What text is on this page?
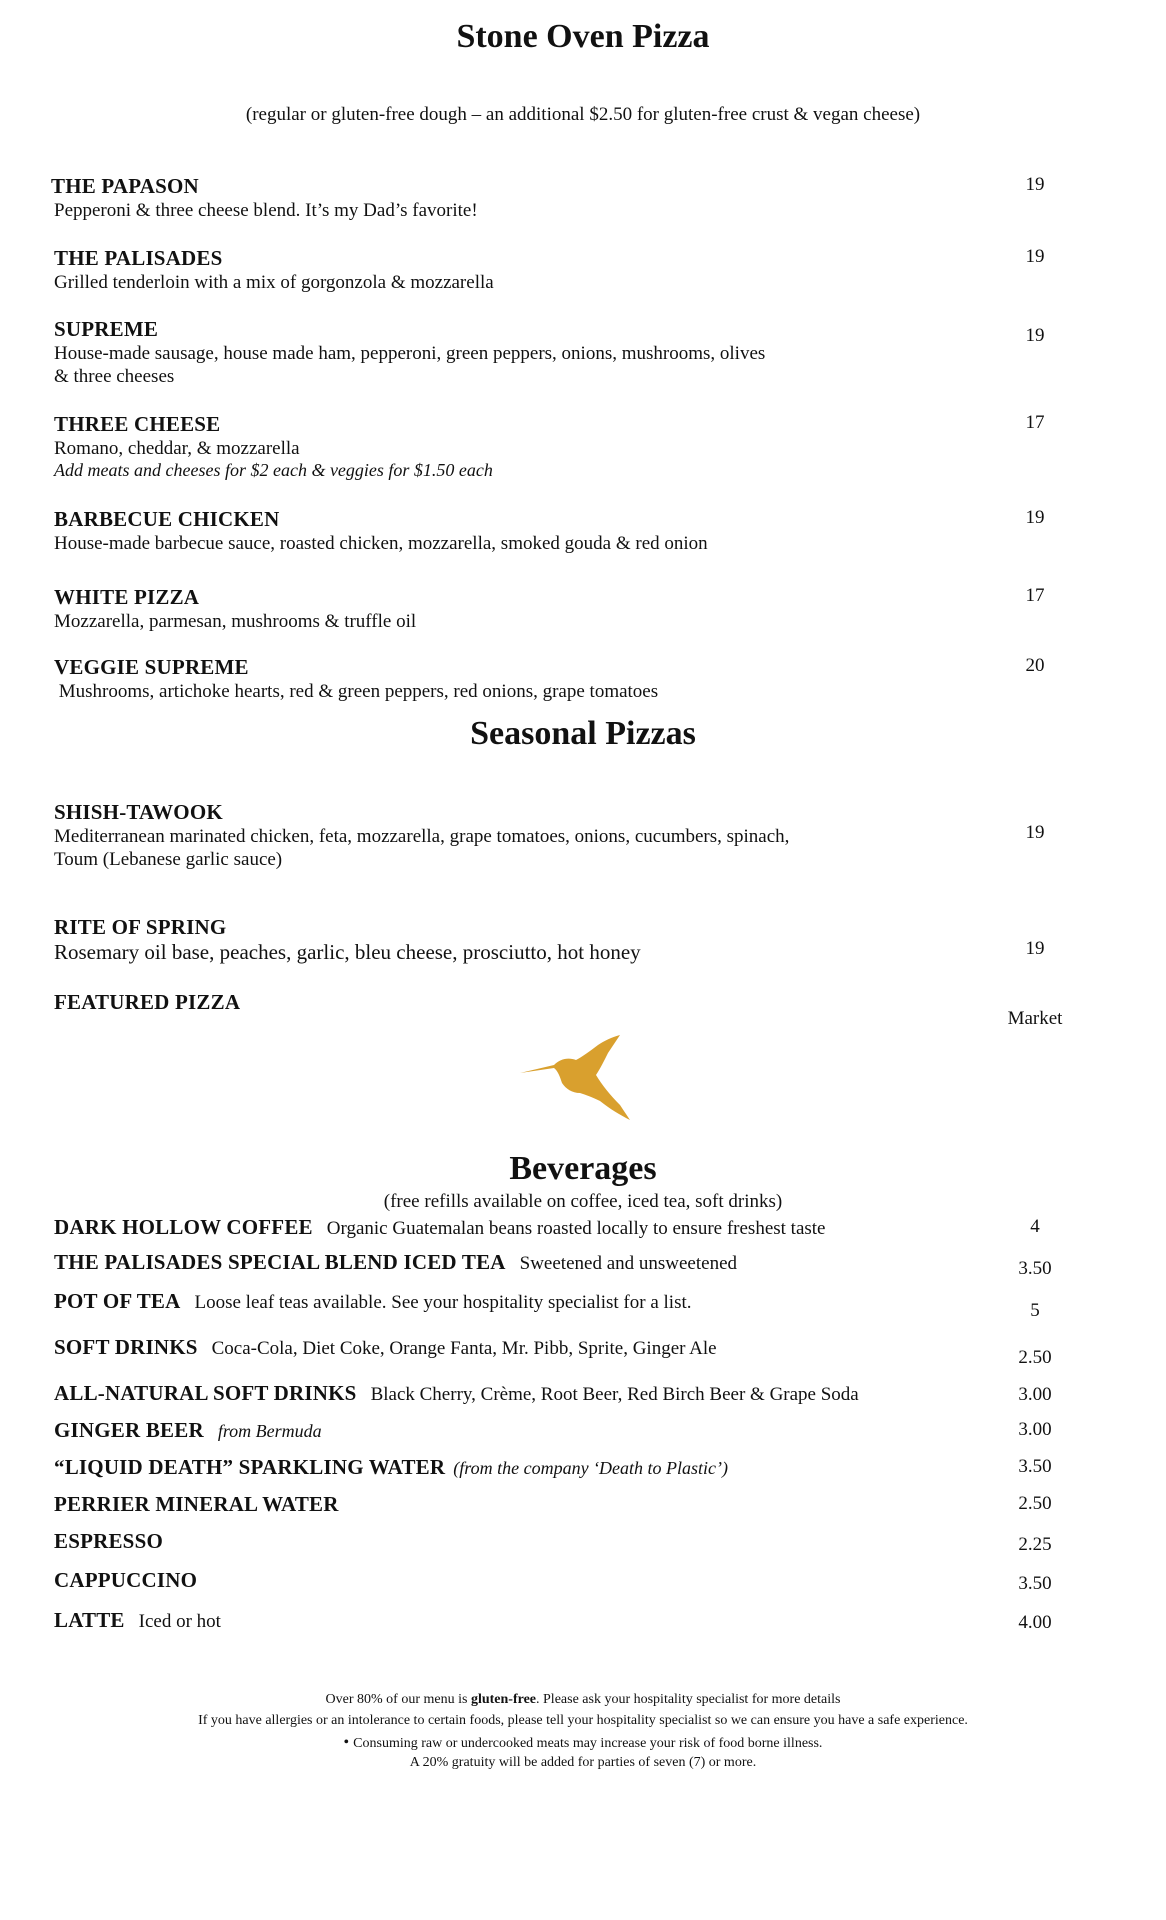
Stone Oven Pizza
(regular or gluten-free dough – an additional $2.50 for gluten-free crust & vegan cheese)
THE PAPASON
Pepperoni & three cheese blend. It’s my Dad’s favorite!
19
THE PALISADES
Grilled tenderloin with a mix of gorgonzola & mozzarella
19
SUPREME
House-made sausage, house made ham, pepperoni, green peppers, onions, mushrooms, olives
& three cheeses
19
THREE CHEESE
Romano, cheddar, & mozzarella
Add meats and cheeses for $2 each & veggies for $1.50 each
17
BARBECUE CHICKEN
House-made barbecue sauce, roasted chicken, mozzarella, smoked gouda & red onion
19
WHITE PIZZA
Mozzarella, parmesan, mushrooms & truffle oil
17
VEGGIE SUPREME
Mushrooms, artichoke hearts, red & green peppers, red onions, grape tomatoes
20
Seasonal Pizzas
SHISH-TAWOOK
Mediterranean marinated chicken, feta, mozzarella, grape tomatoes, onions, cucumbers, spinach,
Toum (Lebanese garlic sauce)
19
RITE OF SPRING
Rosemary oil base, peaches, garlic, bleu cheese, prosciutto, hot honey	19
FEATURED PIZZA
Market
Beverages
(free refills available on coffee, iced tea, soft drinks)
DARK HOLLOW COFFEE Organic Guatemalan beans roasted locally to ensure freshest taste	4
THE PALISADES SPECIAL BLEND ICED TEA Sweetened and unsweetened	3.50
POT OF TEA Loose leaf teas available. See your hospitality specialist for a list.	5
SOFT DRINKS Coca-Cola, Diet Coke, Orange Fanta, Mr. Pibb, Sprite, Ginger Ale	2.50
ALL-NATURAL SOFT DRINKS Black Cherry, Crème, Root Beer, Red Birch Beer & Grape Soda	3.00
GINGER BEER from Bermuda	3.00
“LIQUID DEATH” SPARKLING WATER (from the company ‘Death to Plastic’)	3.50
PERRIER MINERAL WATER	2.50
ESPRESSO	2.25
CAPPUCCINO	3.50
LATTE Iced or hot	4.00
Over 80% of our menu is gluten-free. Please ask your hospitality specialist for more details
If you have allergies or an intolerance to certain foods, please tell your hospitality specialist so we can ensure you have a safe experience.
• Consuming raw or undercooked meats may increase your risk of food borne illness.
A 20% gratuity will be added for parties of seven (7) or more.
